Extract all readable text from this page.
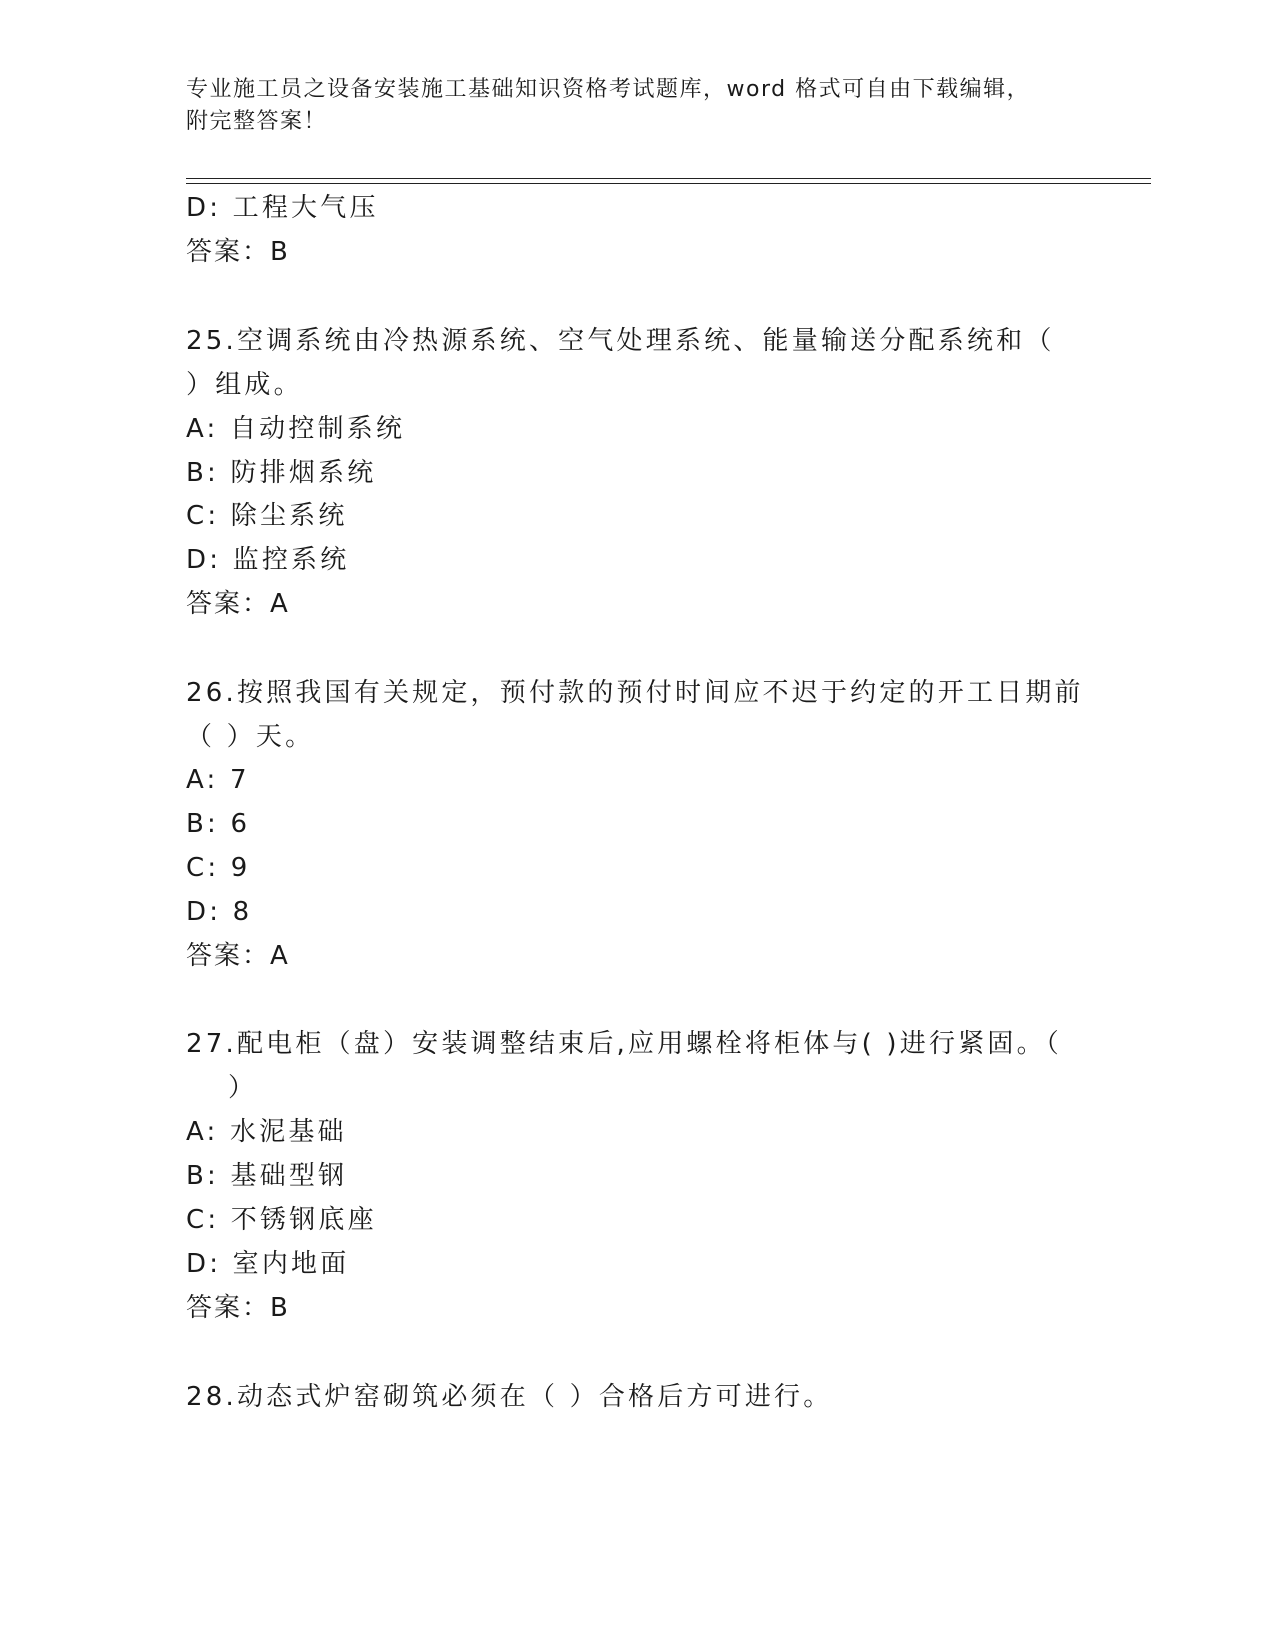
专业施工员之设备安装施工基础知识资格考试题库，word 格式可自由下载编辑，
附完整答案！
D: 工程大气压
答案：B
25.空调系统由冷热源系统、空气处理系统、能量输送分配系统和（
）组成。
A: 自动控制系统
B: 防排烟系统
C: 除尘系统
D: 监控系统
答案：A
26.按照我国有关规定，预付款的预付时间应不迟于约定的开工日期前
（ ）天。
A: 7
B: 6
C: 9
D: 8
答案：A
27.配电柜（盘）安装调整结束后,应用螺栓将柜体与( )进行紧固。（
）
A: 水泥基础
B: 基础型钢
C: 不锈钢底座
D: 室内地面
答案：B
28.动态式炉窑砌筑必须在（ ）合格后方可进行。
